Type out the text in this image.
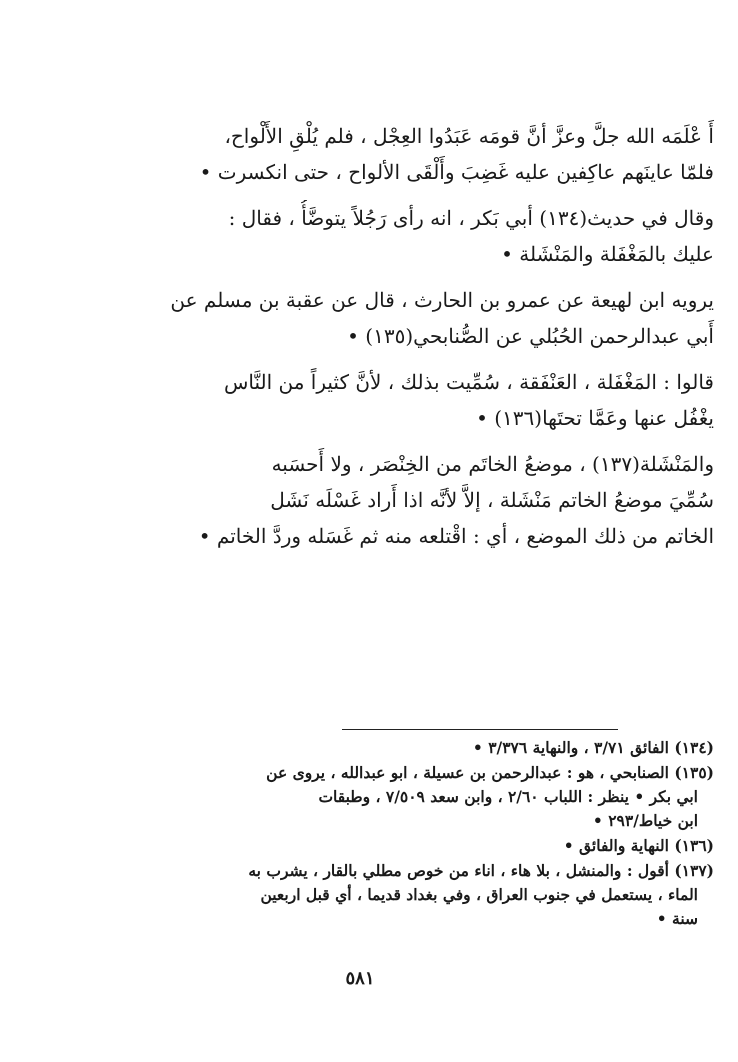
أَ عْلَمَه الله جلَّ وعزَّ أنَّ قومَه عَبَدُوا العِجْل ، فلم يُلْقِ الأَلْواح،
فلمّا عاينَهم عاكِفين عليه غَضِبَ وأَلْقَى الألواح ، حتى انكسرت •

وقال في حديث(١٣٤) أبي بَكر ، انه رأى رَجُلاً يتوضَّأُ ، فقال :
عليك بالمَغْفَلة والمَنْشَلة •

يرويه ابن لهيعة عن عمرو بن الحارث ، قال عن عقبة بن مسلم عن
أَبي عبدالرحمن الحُبُلي عن الصُّنابحي(١٣٥) •

قالوا : المَغْفَلة ، العَنْفَقة ، سُمِّيت بذلك ، لأنَّ كثيراً من النَّاس
يغْفُل عنها وعَمَّا تحتَها(١٣٦) •

والمَنْشَلة(١٣٧) ، موضعُ الخاتَم من الخِنْصَر ، ولا أَحسَبه
سُمِّيَ موضعُ الخاتم مَنْشَلة ، إلاَّ لأنَّه اذا أَراد غَسْلَه نَشَل
الخاتم من ذلك الموضع ، أي : اقْتلعه منه ثم غَسَله وردَّ الخاتم •

(١٣٤) الفائق ٣/٧١ ، والنهاية ٣/٣٧٦ •
(١٣٥) الصنابحي ، هو : عبدالرحمن بن عسيلة ، ابو عبدالله ، يروى عن
ابي بكر • ينظر : اللباب ٢/٦٠ ، وابن سعد ٧/٥٠٩ ، وطبقات
ابن خياط/٢٩٣ •
(١٣٦) النهاية والفائق •
(١٣٧) أقول : والمنشل ، بلا هاء ، اناء من خوص مطلي بالقار ، يشرب به
الماء ، يستعمل في جنوب العراق ، وفي بغداد قديما ، أي قبل اربعين
سنة •
٥٨١
